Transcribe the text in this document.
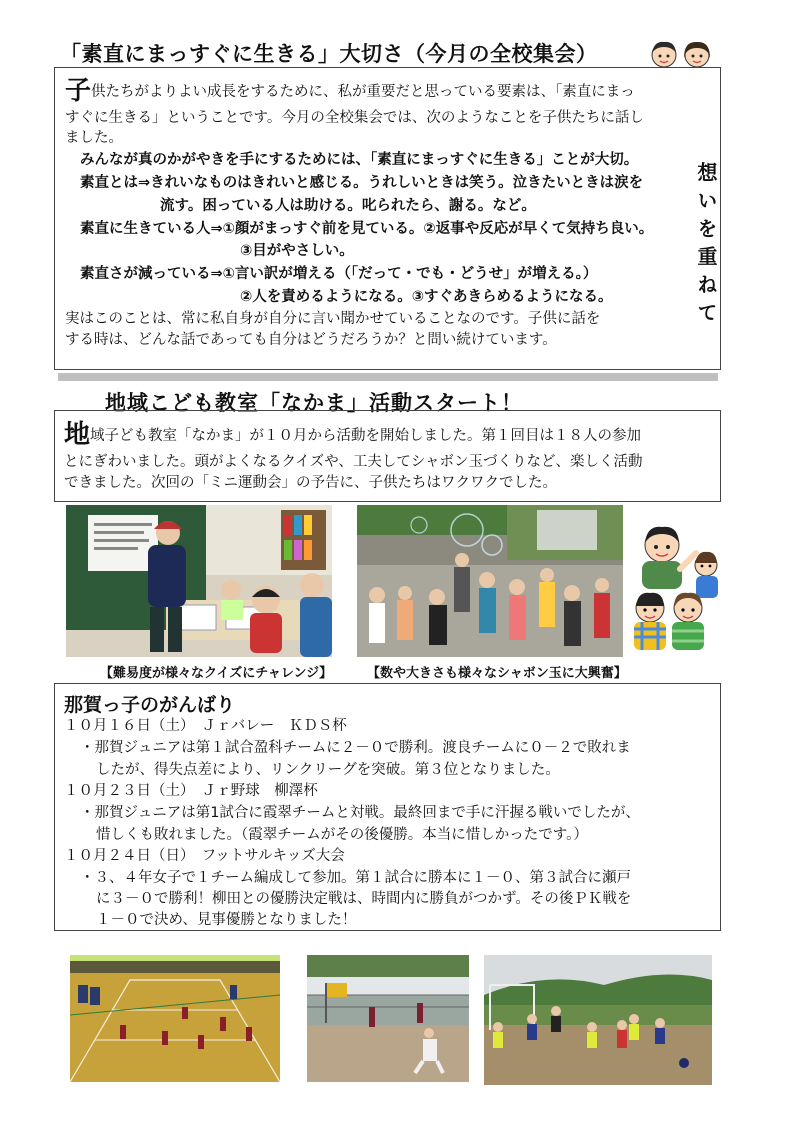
「素直にまっすぐに生きる」大切さ（今月の全校集会）
子供たちがよりよい成長をするために、私が重要だと思っている要素は、「素直にまっ
すぐに生きる」ということです。今月の全校集会では、次のようなことを子供たちに話し
ました。
みんなが真のかがやきを手にするためには、「素直にまっすぐに生きる」ことが大切。
素直とは⇒きれいなものはきれいと感じる。うれしいときは笑う。泣きたいときは涙を
流す。困っている人は助ける。叱られたら、謝る。など。
素直に生きている人⇒①顔がまっすぐ前を見ている。②返事や反応が早くて気持ち良い。
③目がやさしい。
素直さが減っている⇒①言い訳が増える（「だって・でも・どうせ」が増える。）
②人を責めるようになる。③すぐあきらめるようになる。
実はこのことは、常に私自身が自分に言い聞かせていることなのです。子供に話を
する時は、どんな話であっても自分はどうだろうか？と問い続けています。
想いを重ねて
地域こども教室「なかま」活動スタート！
地域子ども教室「なかま」が１０月から活動を開始しました。第１回目は１８人の参加
とにぎわいました。頭がよくなるクイズや、工夫してシャボン玉づくりなど、楽しく活動
できました。次回の「ミニ運動会」の予告に、子供たちはワクワクでした。
【難易度が様々なクイズにチャレンジ】	【数や大きさも様々なシャボン玉に大興奮】
那賀っ子のがんばり
１０月１６日（土）　Ｊｒバレー　ＫＤＳ杯
・那賀ジュニアは第１試合盈科チームに２－０で勝利。渡良チームに０－２で敗れま
したが、得失点差により、リンクリーグを突破。第３位となりました。
１０月２３日（土）　Ｊｒ野球　柳澤杯
・那賀ジュニアは第1試合に霞翠チームと対戦。最終回まで手に汗握る戦いでしたが、
惜しくも敗れました。（霞翠チームがその後優勝。本当に惜しかったです。）
１０月２４日（日）　フットサルキッズ大会
・３、４年女子で１チーム編成して参加。第１試合に勝本に１－０、第３試合に瀬戸
に３－０で勝利！柳田との優勝決定戦は、時間内に勝負がつかず。その後ＰＫ戦を
１－０で決め、見事優勝となりました！
